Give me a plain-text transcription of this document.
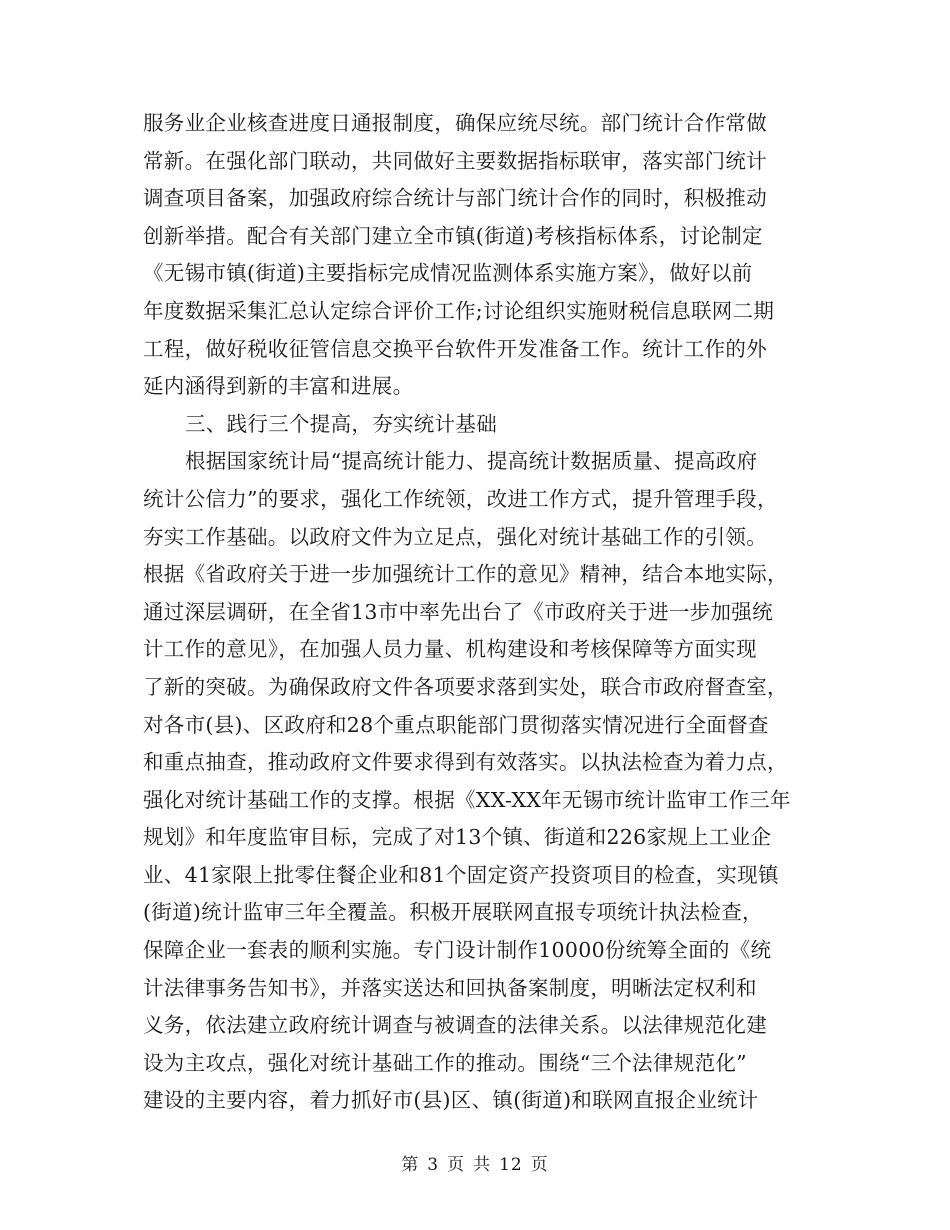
服务业企业核查进度日通报制度，确保应统尽统。部门统计合作常做
常新。在强化部门联动，共同做好主要数据指标联审，落实部门统计
调查项目备案，加强政府综合统计与部门统计合作的同时，积极推动
创新举措。配合有关部门建立全市镇(街道)考核指标体系，讨论制定
《无锡市镇(街道)主要指标完成情况监测体系实施方案》，做好以前
年度数据采集汇总认定综合评价工作;讨论组织实施财税信息联网二期
工程，做好税收征管信息交换平台软件开发准备工作。统计工作的外
延内涵得到新的丰富和进展。
三、践行三个提高，夯实统计基础
根据国家统计局“提高统计能力、提高统计数据质量、提高政府
统计公信力”的要求，强化工作统领，改进工作方式，提升管理手段，
夯实工作基础。以政府文件为立足点，强化对统计基础工作的引领。
根据《省政府关于进一步加强统计工作的意见》精神，结合本地实际，
通过深层调研，在全省13市中率先出台了《市政府关于进一步加强统
计工作的意见》，在加强人员力量、机构建设和考核保障等方面实现
了新的突破。为确保政府文件各项要求落到实处，联合市政府督查室，
对各市(县)、区政府和28个重点职能部门贯彻落实情况进行全面督查
和重点抽查，推动政府文件要求得到有效落实。以执法检查为着力点，
强化对统计基础工作的支撑。根据《XX-XX年无锡市统计监审工作三年
规划》和年度监审目标，完成了对13个镇、街道和226家规上工业企
业、41家限上批零住餐企业和81个固定资产投资项目的检查，实现镇
(街道)统计监审三年全覆盖。积极开展联网直报专项统计执法检查，
保障企业一套表的顺利实施。专门设计制作10000份统筹全面的《统
计法律事务告知书》，并落实送达和回执备案制度，明晰法定权利和
义务，依法建立政府统计调查与被调查的法律关系。以法律规范化建
设为主攻点，强化对统计基础工作的推动。围绕“三个法律规范化”
建设的主要内容，着力抓好市(县)区、镇(街道)和联网直报企业统计
第 3 页 共 12 页
